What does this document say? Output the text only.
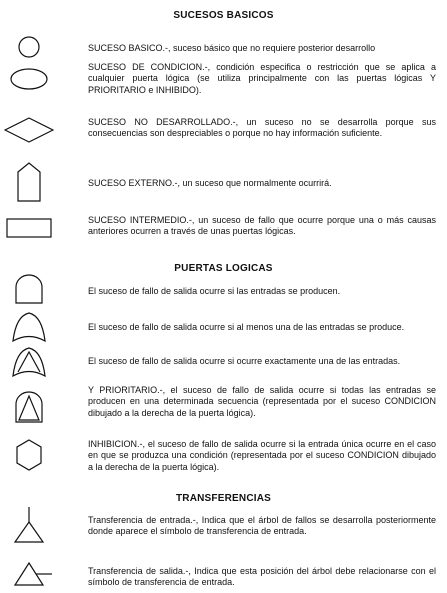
SUCESOS BASICOS
SUCESO BASICO.-, suceso básico que no requiere posterior desarrollo
SUCESO DE CONDICION.-, condición especifica o restricción que se aplica a cualquier puerta lógica (se utiliza principalmente con las puertas lógicas Y PRIORITARIO e INHIBIDO).
SUCESO NO DESARROLLADO.-, un suceso no se desarrolla porque sus consecuencias son despreciables o porque no hay información suficiente.
SUCESO EXTERNO.-, un suceso que normalmente ocurrirá.
SUCESO INTERMEDIO.-, un suceso de fallo que ocurre porque una o más causas anteriores ocurren a través de unas puertas lógicas.
PUERTAS LOGICAS
El suceso de fallo de salida ocurre si las entradas se producen.
El suceso de fallo de salida ocurre si al menos una de las entradas se produce.
El suceso de fallo de salida ocurre si ocurre exactamente una de las entradas.
Y PRIORITARIO.-, el suceso de fallo de salida ocurre si todas las entradas se producen en una determinada secuencia (representada por el suceso CONDICION dibujado a la derecha de la puerta lógica).
INHIBICION.-, el suceso de fallo de salida ocurre si la entrada única ocurre en el caso en que se produzca una condición (representada por el suceso CONDICION dibujado a la derecha de la puerta lógica).
TRANSFERENCIAS
Transferencia de entrada.-, Indica que el árbol de fallos se desarrolla posteriormente donde aparece el símbolo de transferencia de entrada.
Transferencia de salida.-, Indica que esta posición del árbol debe relacionarse con el símbolo de transferencia de entrada.
